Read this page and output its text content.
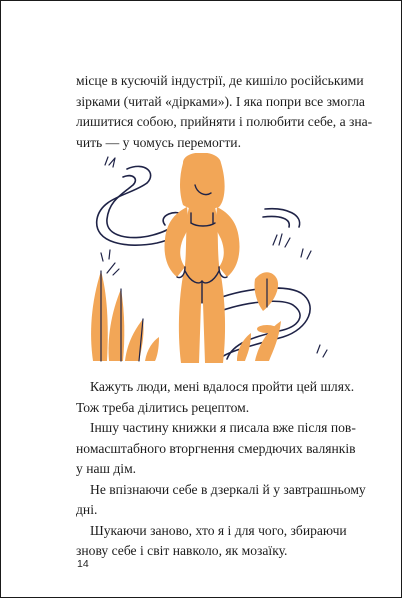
місце в кусючій індустрії, де кишіло російськими
зірками (читай «дірками»). І яка попри все змогла
лишитися собою, прийняти і полюбити себе, а зна-
чить — у чомусь перемогти.

Кажуть люди, мені вдалося пройти цей шлях.
Тож треба ділитись рецептом.

Іншу частину книжки я писала вже після пов-
номасштабного вторгнення смердючих валянків
у наш дім.

Не впізнаючи себе в дзеркалі й у завтрашньому
дні.

Шукаючи заново, хто я і для чого, збираючи
знову себе і світ навколо, як мозаїку.

14
